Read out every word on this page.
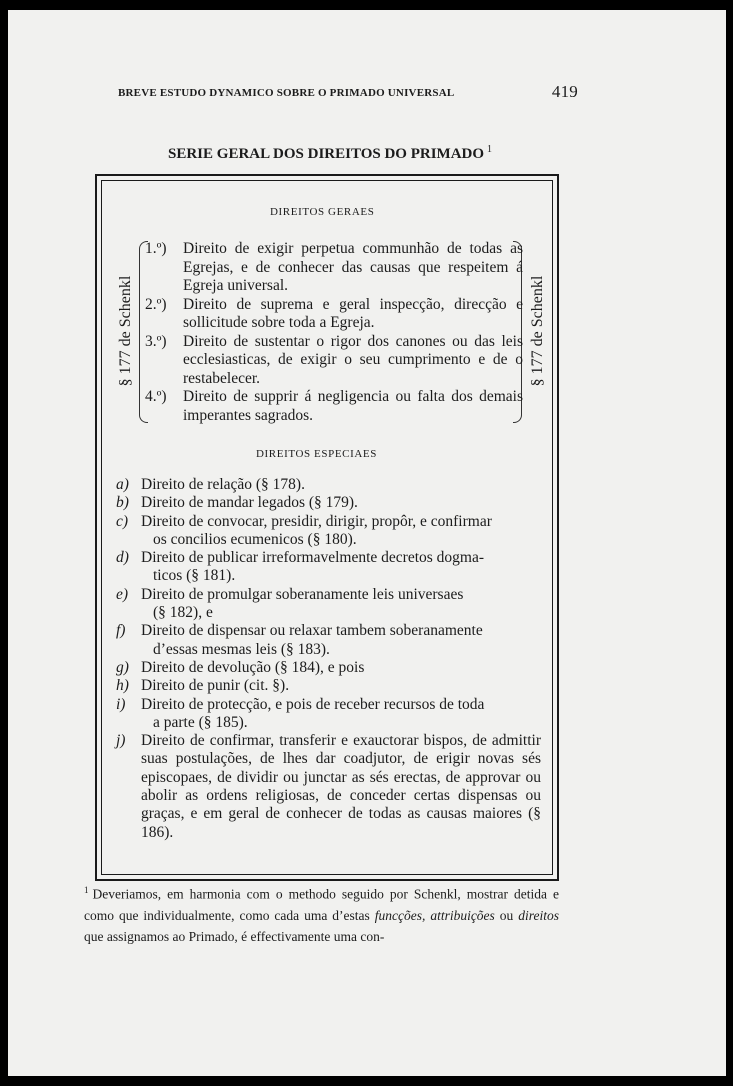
BREVE ESTUDO DYNAMICO SOBRE O PRIMADO UNIVERSAL	419
SERIE GERAL DOS DIREITOS DO PRIMADO $^1$
DIREITOS GERAES
§ 177 de Schenkl	§ 177 de Schenkl
1.º) Direito de exigir perpetua communhão de todas as Egrejas, e de conhecer das causas que respeitem á Egreja universal.
2.º) Direito de suprema e geral inspecção, direcção e sollicitude sobre toda a Egreja.
3.º) Direito de sustentar o rigor dos canones ou das leis ecclesiasticas, de exigir o seu cumprimento e de o restabelecer.
4.º) Direito de supprir á negligencia ou falta dos demais imperantes sagrados.
DIREITOS ESPECIAES
a) Direito de relação (§ 178).
b) Direito de mandar legados (§ 179).
c) Direito de convocar, presidir, dirigir, propôr, e confirmar
os concilios ecumenicos (§ 180).
d) Direito de publicar irreformavelmente decretos dogma-
ticos (§ 181).
e) Direito de promulgar soberanamente leis universaes
(§ 182), e
f) Direito de dispensar ou relaxar tambem soberanamente
d’essas mesmas leis (§ 183).
g) Direito de devolução (§ 184), e pois
h) Direito de punir (cit. §).
i) Direito de protecção, e pois de receber recursos de toda
a parte (§ 185).
j) Direito de confirmar, transferir e exauctorar bispos, de admittir suas postulações, de lhes dar coadjutor, de erigir novas sés episcopaes, de dividir ou junctar as sés erectas, de approvar ou abolir as ordens religiosas, de conceder certas dispensas ou graças, e em geral de conhecer de todas as causas maiores (§ 186).
$^1$ Deveriamos, em harmonia com o methodo seguido por Schenkl, mostrar detida e como que individualmente, como cada uma d’estas funcções, attribuições ou direitos que assignamos ao Primado, é effectivamente uma con-
